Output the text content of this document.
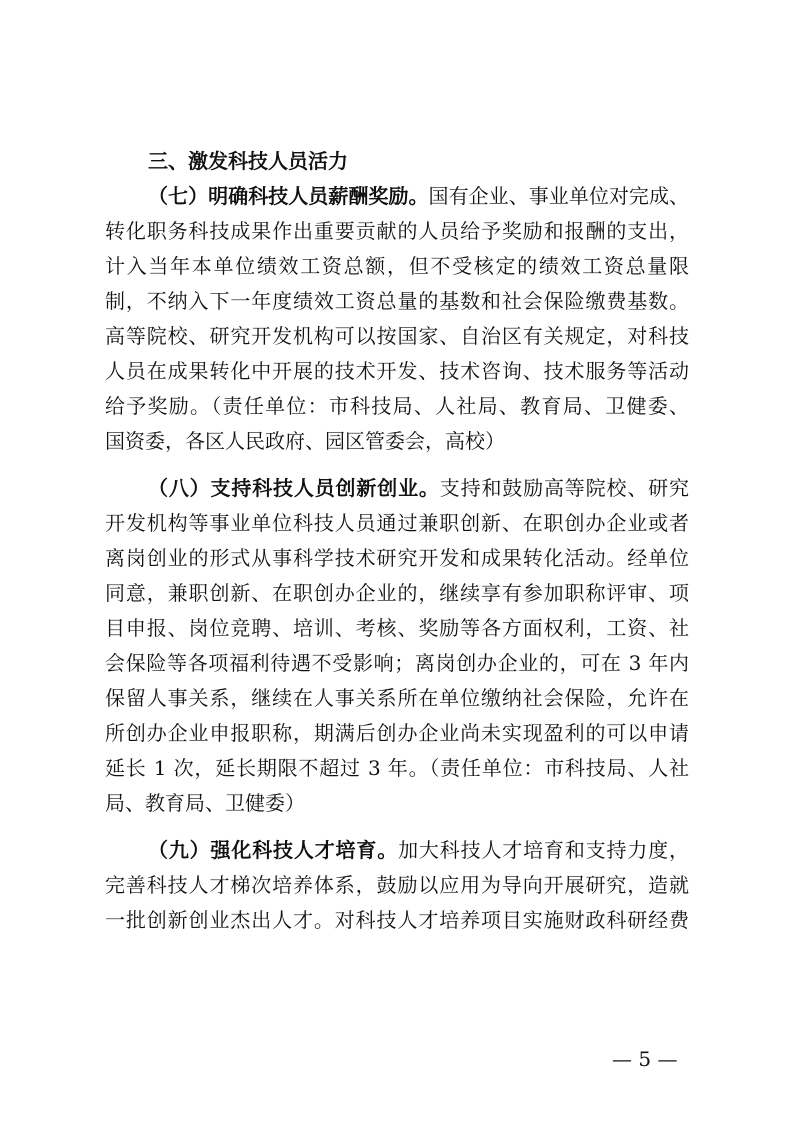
三、激发科技人员活力
（七）明确科技人员薪酬奖励。国有企业、事业单位对完成、
转化职务科技成果作出重要贡献的人员给予奖励和报酬的支出，
计入当年本单位绩效工资总额，但不受核定的绩效工资总量限
制，不纳入下一年度绩效工资总量的基数和社会保险缴费基数。
高等院校、研究开发机构可以按国家、自治区有关规定，对科技
人员在成果转化中开展的技术开发、技术咨询、技术服务等活动
给予奖励。（责任单位：市科技局、人社局、教育局、卫健委、
国资委，各区人民政府、园区管委会，高校）
（八）支持科技人员创新创业。支持和鼓励高等院校、研究
开发机构等事业单位科技人员通过兼职创新、在职创办企业或者
离岗创业的形式从事科学技术研究开发和成果转化活动。经单位
同意，兼职创新、在职创办企业的，继续享有参加职称评审、项
目申报、岗位竞聘、培训、考核、奖励等各方面权利，工资、社
会保险等各项福利待遇不受影响；离岗创办企业的，可在 3 年内
保留人事关系，继续在人事关系所在单位缴纳社会保险，允许在
所创办企业申报职称，期满后创办企业尚未实现盈利的可以申请
延长 1 次，延长期限不超过 3 年。（责任单位：市科技局、人社
局、教育局、卫健委）
（九）强化科技人才培育。加大科技人才培育和支持力度，
完善科技人才梯次培养体系，鼓励以应用为导向开展研究，造就
一批创新创业杰出人才。对科技人才培养项目实施财政科研经费
— 5 —
